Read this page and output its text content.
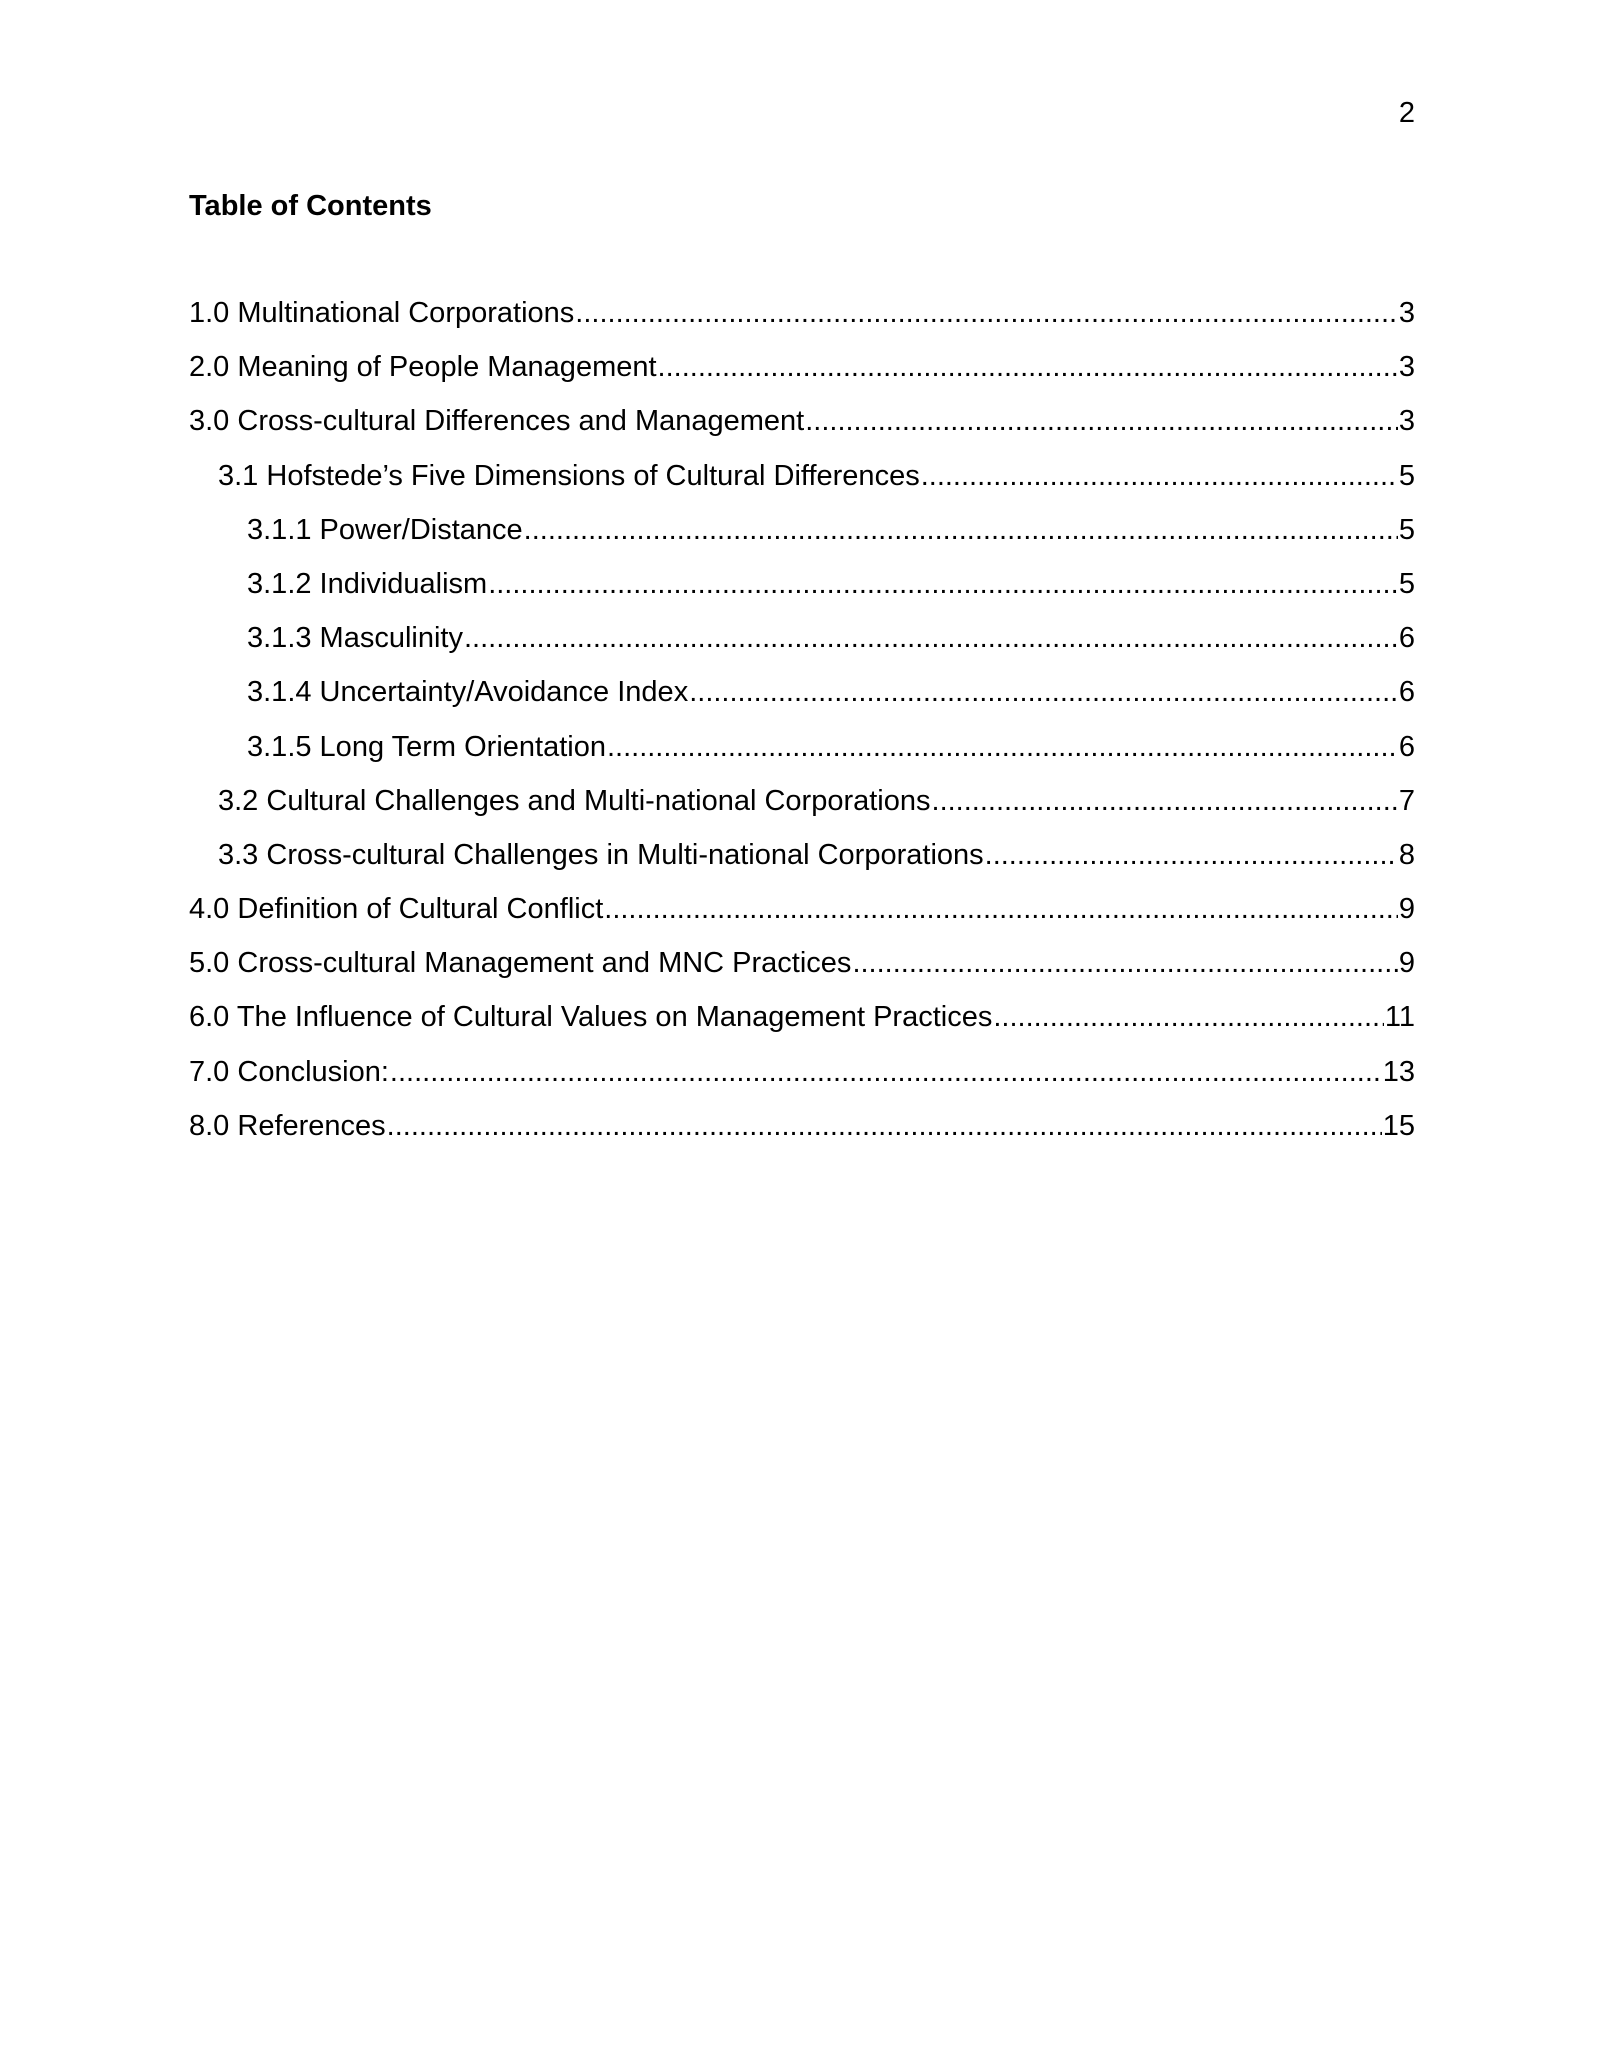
2
Table of Contents
1.0 Multinational Corporations .....	3
2.0 Meaning of People Management .....	3
3.0 Cross-cultural Differences and Management .....	3
3.1 Hofstede’s Five Dimensions of Cultural Differences .....	5
3.1.1 Power/Distance .....	5
3.1.2 Individualism .....	5
3.1.3 Masculinity .....	6
3.1.4 Uncertainty/Avoidance Index .....	6
3.1.5 Long Term Orientation .....	6
3.2 Cultural Challenges and Multi-national Corporations .....	7
3.3 Cross-cultural Challenges in Multi-national Corporations .....	8
4.0 Definition of Cultural Conflict .....	9
5.0 Cross-cultural Management and MNC Practices .....	9
6.0 The Influence of Cultural Values on Management Practices .....	11
7.0 Conclusion: .....	13
8.0 References .....	15
